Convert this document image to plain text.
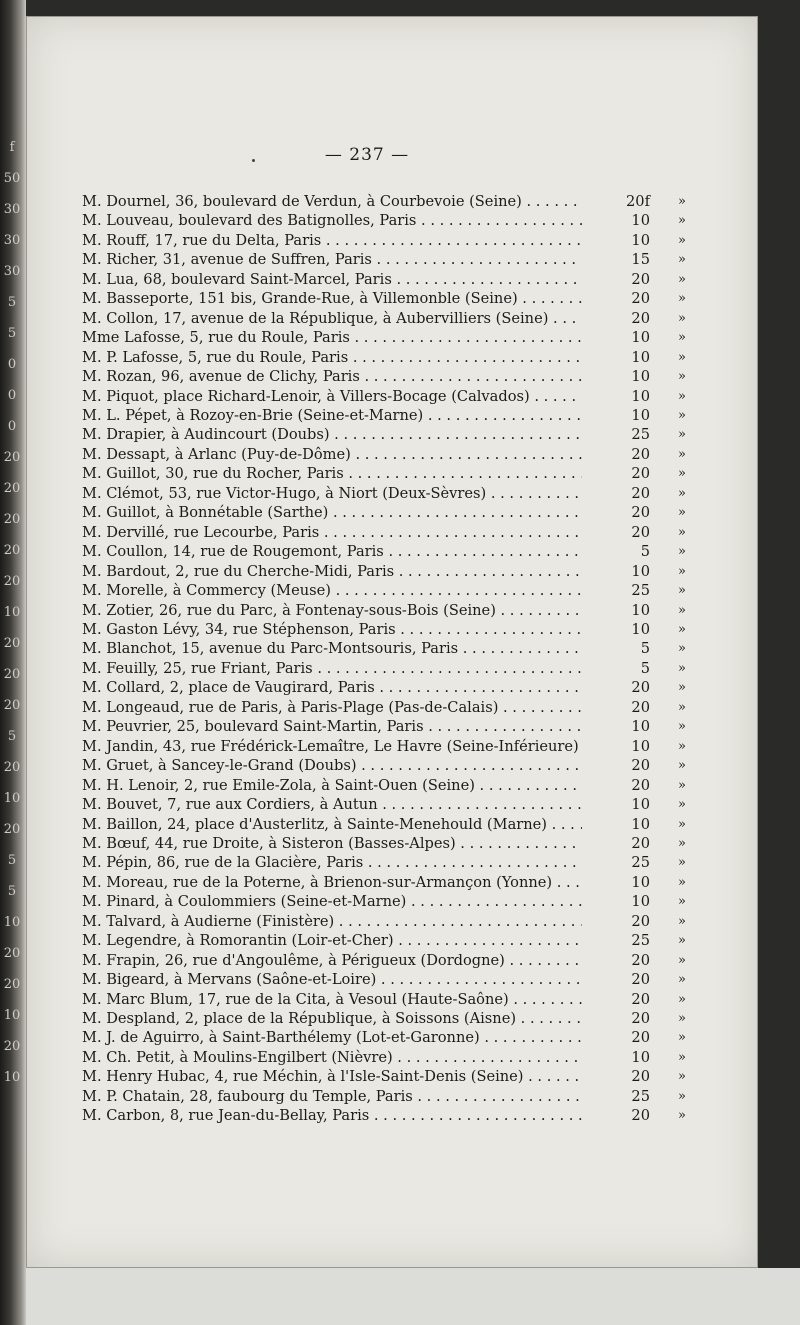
f
50
30
30
30
5
5
0
0
0
20
20
20
20
20
10
20
20
20
5
20
10
20
5
5
10
20
20
10
20
10
— 237 —
M. Dournel, 36, boulevard de Verdun, à Courbevoie (Seine) . . .	20f	»
M. Louveau, boulevard des Batignolles, Paris . . .	10	»
M. Rouff, 17, rue du Delta, Paris . . .	10	»
M. Richer, 31, avenue de Suffren, Paris . . .	15	»
M. Lua, 68, boulevard Saint-Marcel, Paris . . .	20	»
M. Basseporte, 151 bis, Grande-Rue, à Villemonble (Seine) . . .	20	»
M. Collon, 17, avenue de la République, à Aubervilliers (Seine) . . .	20	»
Mme Lafosse, 5, rue du Roule, Paris . . .	10	»
M. P. Lafosse, 5, rue du Roule, Paris . . .	10	»
M. Rozan, 96, avenue de Clichy, Paris . . .	10	»
M. Piquot, place Richard-Lenoir, à Villers-Bocage (Calvados) . . .	10	»
M. L. Pépet, à Rozoy-en-Brie (Seine-et-Marne) . . .	10	»
M. Drapier, à Audincourt (Doubs) . . .	25	»
M. Dessapt, à Arlanc (Puy-de-Dôme) . . .	20	»
M. Guillot, 30, rue du Rocher, Paris . . .	20	»
M. Clémot, 53, rue Victor-Hugo, à Niort (Deux-Sèvres) . . .	20	»
M. Guillot, à Bonnétable (Sarthe) . . .	20	»
M. Dervillé, rue Lecourbe, Paris . . .	20	»
M. Coullon, 14, rue de Rougemont, Paris . . .	5	»
M. Bardout, 2, rue du Cherche-Midi, Paris . . .	10	»
M. Morelle, à Commercy (Meuse) . . .	25	»
M. Zotier, 26, rue du Parc, à Fontenay-sous-Bois (Seine) . . .	10	»
M. Gaston Lévy, 34, rue Stéphenson, Paris . . .	10	»
M. Blanchot, 15, avenue du Parc-Montsouris, Paris . . .	5	»
M. Feuilly, 25, rue Friant, Paris . . .	5	»
M. Collard, 2, place de Vaugirard, Paris . . .	20	»
M. Longeaud, rue de Paris, à Paris-Plage (Pas-de-Calais) . . .	20	»
M. Peuvrier, 25, boulevard Saint-Martin, Paris . . .	10	»
M. Jandin, 43, rue Frédérick-Lemaître, Le Havre (Seine-Inférieure) . . .	10	»
M. Gruet, à Sancey-le-Grand (Doubs) . . .	20	»
M. H. Lenoir, 2, rue Emile-Zola, à Saint-Ouen (Seine) . . .	20	»
M. Bouvet, 7, rue aux Cordiers, à Autun . . .	10	»
M. Baillon, 24, place d'Austerlitz, à Sainte-Menehould (Marne) . . .	10	»
M. Bœuf, 44, rue Droite, à Sisteron (Basses-Alpes) . . .	20	»
M. Pépin, 86, rue de la Glacière, Paris . . .	25	»
M. Moreau, rue de la Poterne, à Brienon-sur-Armançon (Yonne) . . .	10	»
M. Pinard, à Coulommiers (Seine-et-Marne) . . .	10	»
M. Talvard, à Audierne (Finistère) . . .	20	»
M. Legendre, à Romorantin (Loir-et-Cher) . . .	25	»
M. Frapin, 26, rue d'Angoulême, à Périgueux (Dordogne) . . .	20	»
M. Bigeard, à Mervans (Saône-et-Loire) . . .	20	»
M. Marc Blum, 17, rue de la Cita, à Vesoul (Haute-Saône) . . .	20	»
M. Despland, 2, place de la République, à Soissons (Aisne) . . .	20	»
M. J. de Aguirro, à Saint-Barthélemy (Lot-et-Garonne) . . .	20	»
M. Ch. Petit, à Moulins-Engilbert (Nièvre) . . .	10	»
M. Henry Hubac, 4, rue Méchin, à l'Isle-Saint-Denis (Seine) . . .	20	»
M. P. Chatain, 28, faubourg du Temple, Paris . . .	25	»
M. Carbon, 8, rue Jean-du-Bellay, Paris . . .	20	»
